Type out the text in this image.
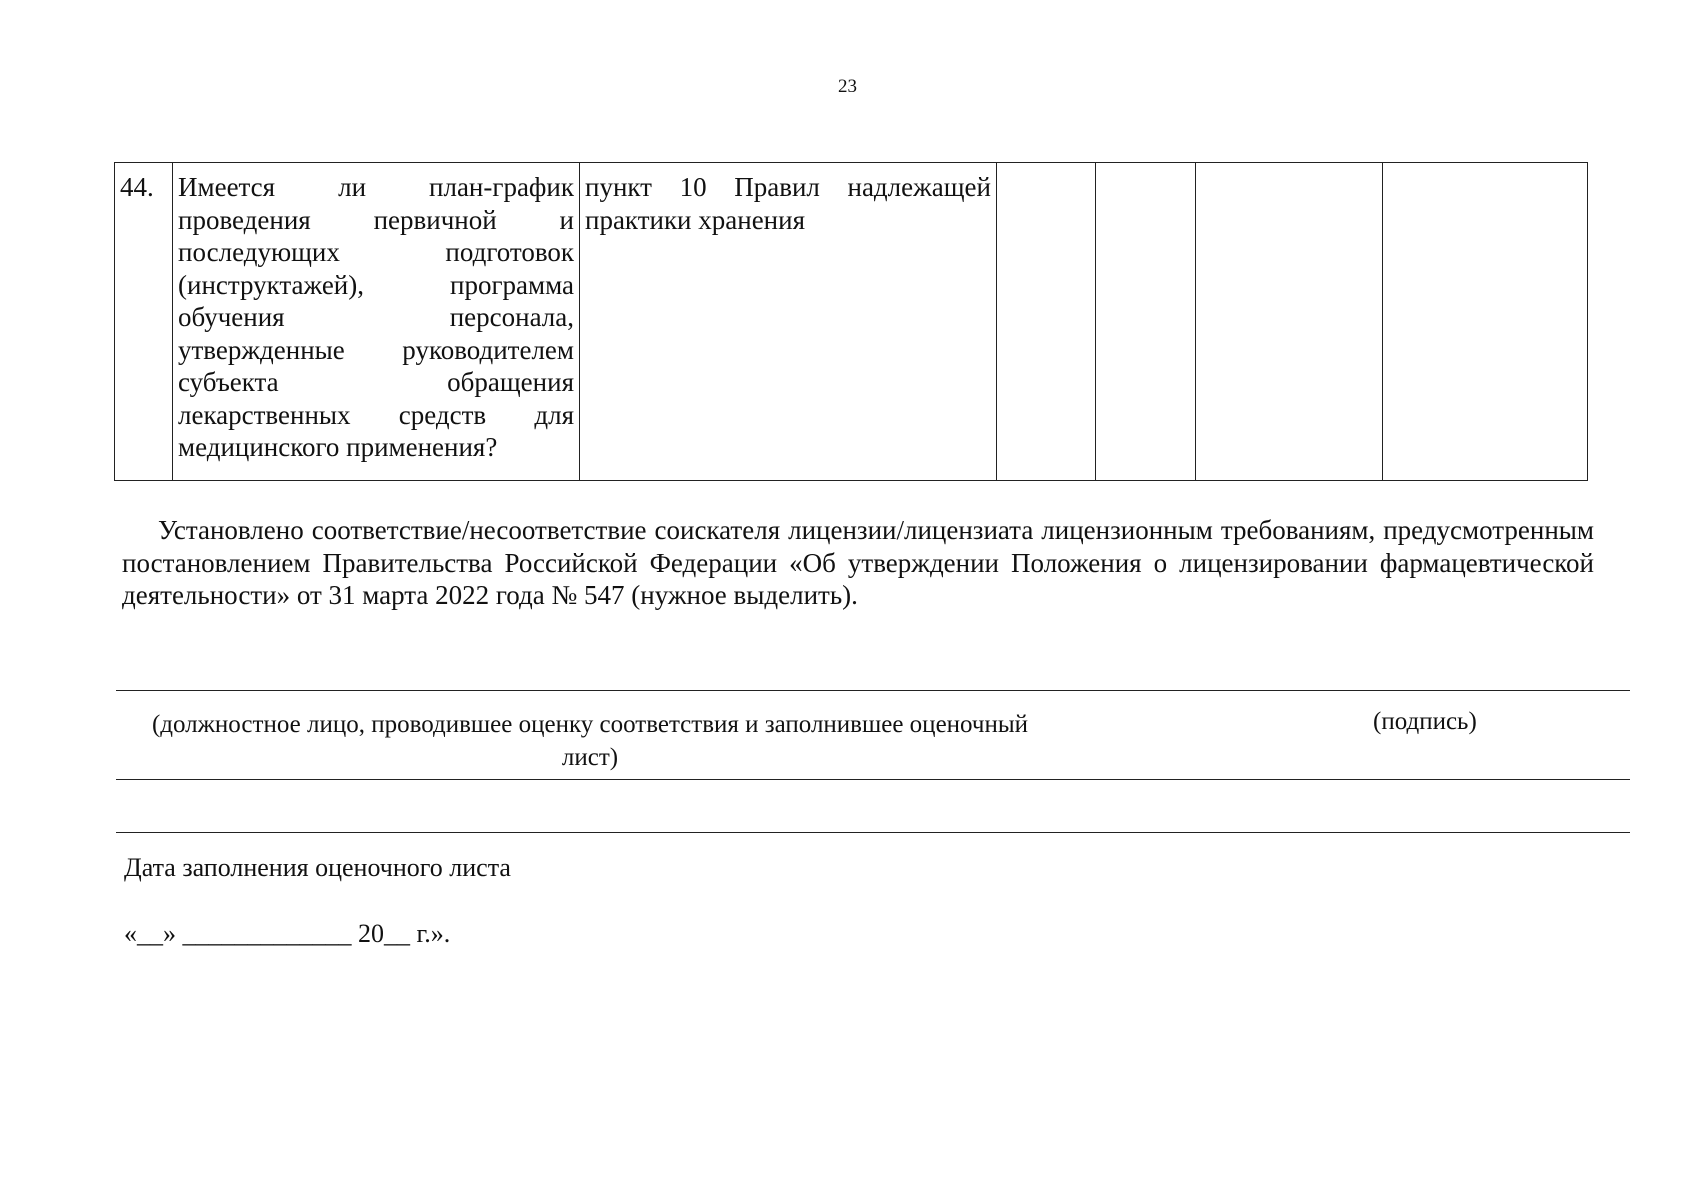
23
44.	Имеется ли план-график проведения первичной и последующих подготовок (инструктажей), программа обучения персонала, утвержденные руководителем субъекта обращения лекарственных средств для медицинского применения?	пункт 10 Правил надлежащей практики хранения				

Установлено соответствие/несоответствие соискателя лицензии/лицензиата лицензионным требованиям, предусмотренным постановлением Правительства Российской Федерации «Об утверждении Положения о лицензировании фармацевтической деятельности» от 31 марта 2022 года № 547 (нужное выделить).

(должностное лицо, проводившее оценку соответствия и заполнившее оценочный лист)
(подпись)
Дата заполнения оценочного листа
«__» _____________ 20__ г.».
